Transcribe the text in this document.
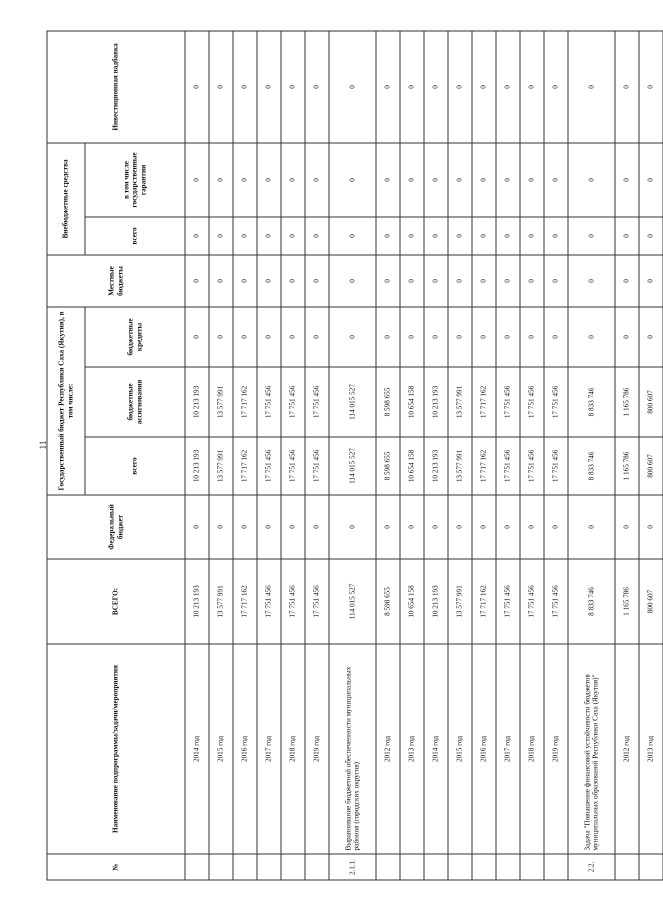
11
№	Наименование подпрограммы/задачи/мероприятия	ВСЕГО:	Федеральный бюджет	Государственный бюджет Республики Саха (Якутия), в том числе:			Местные бюджеты	Внебюджетные средства		Инвестиционная надбавка
				всего	бюджетные ассигнования	бюджетные кредиты		всего	в том числе государственные гарантии	

	2014 год	10 213 193	0	10 213 193	10 213 193	0	0	0	0	0
	2015 год	13 577 991	0	13 577 991	13 577 991	0	0	0	0	0
	2016 год	17 717 162	0	17 717 162	17 717 162	0	0	0	0	0
	2017 год	17 751 456	0	17 751 456	17 751 456	0	0	0	0	0
	2018 год	17 751 456	0	17 751 456	17 751 456	0	0	0	0	0
	2019 год	17 751 456	0	17 751 456	17 751 456	0	0	0	0	0
2.1.1.	Выравнивание бюджетной обеспеченности муниципальных районов (городских округов)	114 015 527	0	114 015 527	114 015 527	0	0	0	0	0
	2012 год	8 598 655	0	8 598 655	8 598 655	0	0	0	0	0
	2013 год	10 654 158	0	10 654 158	10 654 158	0	0	0	0	0
	2014 год	10 213 193	0	10 213 193	10 213 193	0	0	0	0	0
	2015 год	13 577 991	0	13 577 991	13 577 991	0	0	0	0	0
	2016 год	17 717 162	0	17 717 162	17 717 162	0	0	0	0	0
	2017 год	17 751 456	0	17 751 456	17 751 456	0	0	0	0	0
	2018 год	17 751 456	0	17 751 456	17 751 456	0	0	0	0	0
	2019 год	17 751 456	0	17 751 456	17 751 456	0	0	0	0	0
2.2.	Задача "Повышение финансовой устойчивости бюджетов муниципальных образований Республики Саха (Якутия)"	8 833 746	0	8 833 746	8 833 746	0	0	0	0	0
	2012 год	1 165 786	0	1 165 786	1 165 786	0	0	0	0	0
	2013 год	800 607	0	800 607	800 607	0	0	0	0	0
